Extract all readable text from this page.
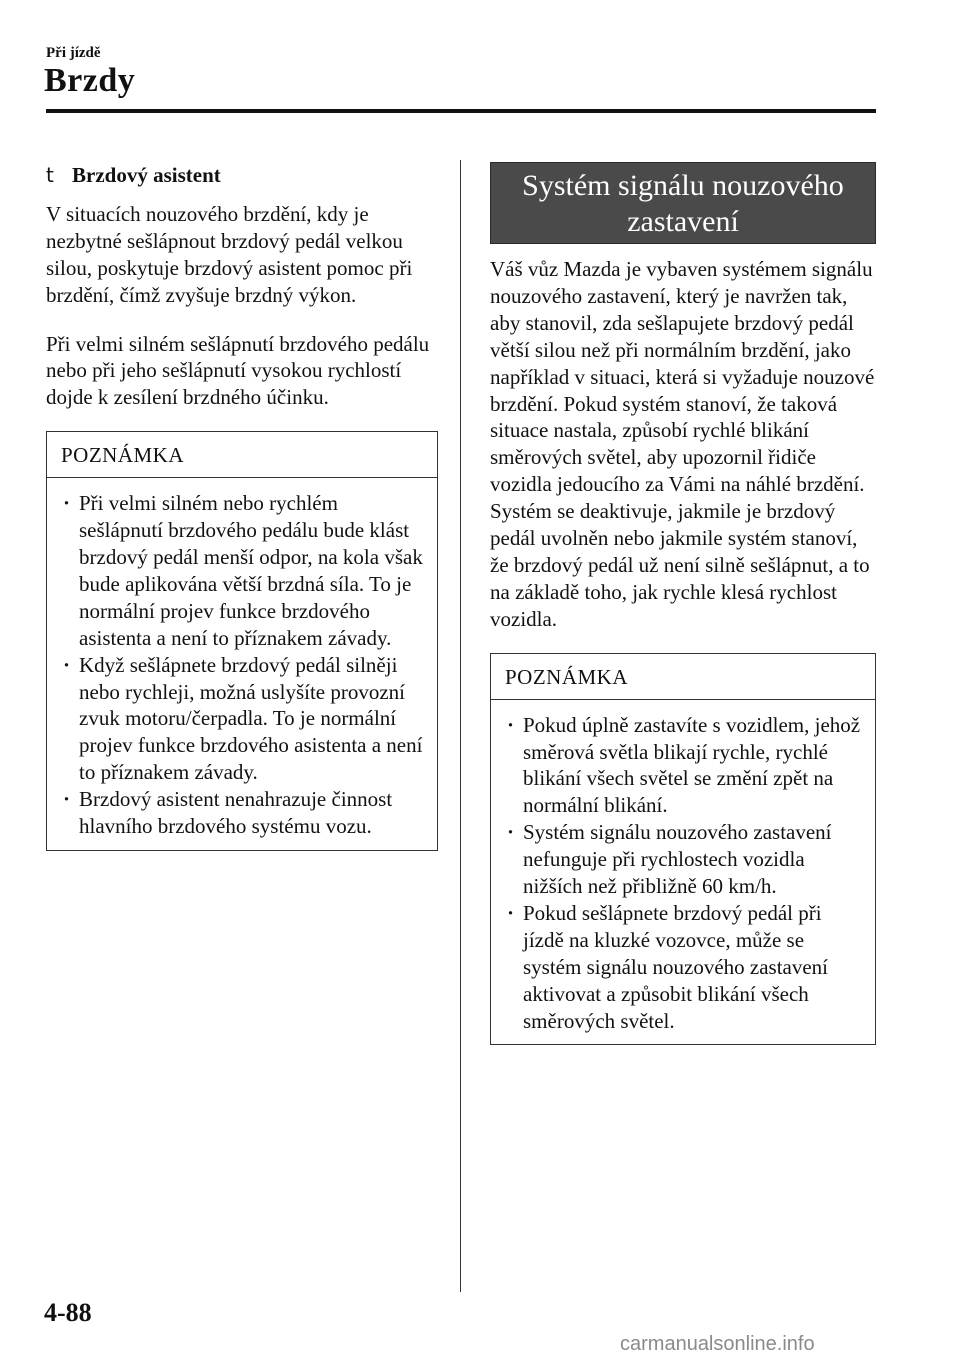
Při jízdě
Brzdy
t Brzdový asistent

V situacích nouzového brzdění, kdy je nezbytné sešlápnout brzdový pedál velkou silou, poskytuje brzdový asistent pomoc při brzdění, čímž zvyšuje brzdný výkon.

Při velmi silném sešlápnutí brzdového pedálu nebo při jeho sešlápnutí vysokou rychlostí dojde k zesílení brzdného účinku.

POZNÁMKA
· Při velmi silném nebo rychlém sešlápnutí brzdového pedálu bude klást brzdový pedál menší odpor, na kola však bude aplikována větší brzdná síla. To je normální projev funkce brzdového asistenta a není to příznakem závady.
· Když sešlápnete brzdový pedál silněji nebo rychleji, možná uslyšíte provozní zvuk motoru/čerpadla. To je normální projev funkce brzdového asistenta a není to příznakem závady.
· Brzdový asistent nenahrazuje činnost hlavního brzdového systému vozu.
Systém signálu nouzového
zastavení

Váš vůz Mazda je vybaven systémem signálu nouzového zastavení, který je navržen tak, aby stanovil, zda sešlapujete brzdový pedál větší silou než při normálním brzdění, jako například v situaci, která si vyžaduje nouzové brzdění. Pokud systém stanoví, že taková situace nastala, způsobí rychlé blikání směrových světel, aby upozornil řidiče vozidla jedoucího za Vámi na náhlé brzdění.

Systém se deaktivuje, jakmile je brzdový pedál uvolněn nebo jakmile systém stanoví, že brzdový pedál už není silně sešlápnut, a to na základě toho, jak rychle klesá rychlost vozidla.

POZNÁMKA
· Pokud úplně zastavíte s vozidlem, jehož směrová světla blikají rychle, rychlé blikání všech světel se změní zpět na normální blikání.
· Systém signálu nouzového zastavení nefunguje při rychlostech vozidla nižších než přibližně 60 km/h.
· Pokud sešlápnete brzdový pedál při jízdě na kluzké vozovce, může se systém signálu nouzového zastavení aktivovat a způsobit blikání všech směrových světel.
4-88
carmanualsonline.info
